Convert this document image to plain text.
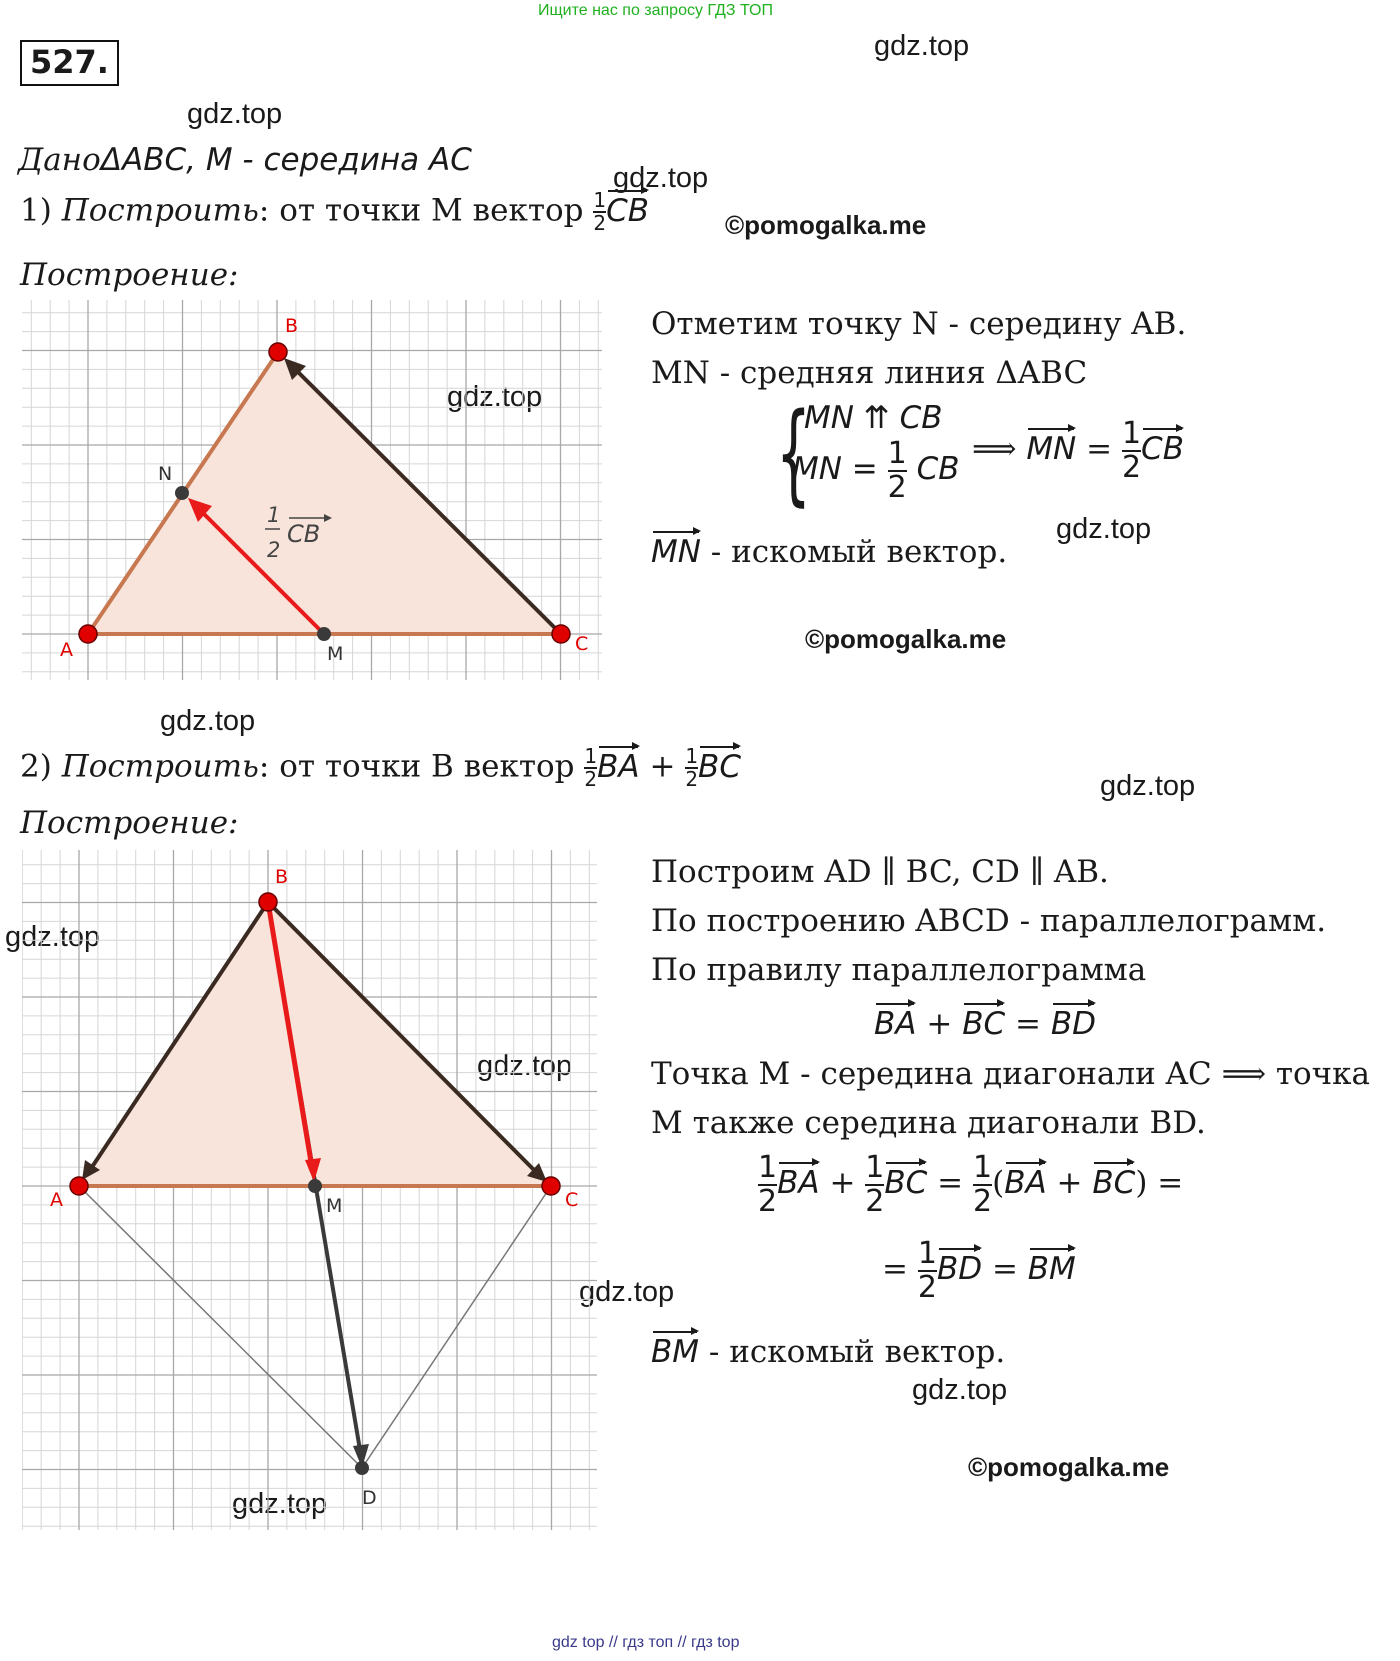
Ищите нас по запросу ГДЗ ТОП
gdz top // гдз топ // гдз top
527.	gdz.top
gdz.top
gdz.top
gdz.top
gdz.top
gdz.top
gdz.top
gdz.top
gdz.top
gdz.top
gdz.top
gdz.top
©pomogalka.me
©pomogalka.me
©pomogalka.me
ДаноΔABC, M - середина AC
1) Построить: от точки M вектор $\frac{1}{2}$ CB
Построение:
A
B
C
N
M
1
2
CB
Отметим точку N - середину AB.
MN - средняя линия ΔABC
{
MN ⇈ CB
MN = $\frac{1}{2}$ CB
⟹ MN = $\frac{1}{2}$ CB
MN - искомый вектор.
2) Построить: от точки B вектор $\frac{1}{2}$ BA + $\frac{1}{2}$ BC
Построение:
A
B
C
M
D
Построим AD ∥ BC, CD ∥ AB.
По построению ABCD - параллелограмм.
По правилу параллелограмма
BA + BC = BD
Точка M - середина диагонали AC ⟹ точка
M также середина диагонали BD.
$\frac{1}{2}$ BA + $\frac{1}{2}$ BC = $\frac{1}{2} (BA + BC)$ =
= $\frac{1}{2}$ BD = BM
BM - искомый вектор.
